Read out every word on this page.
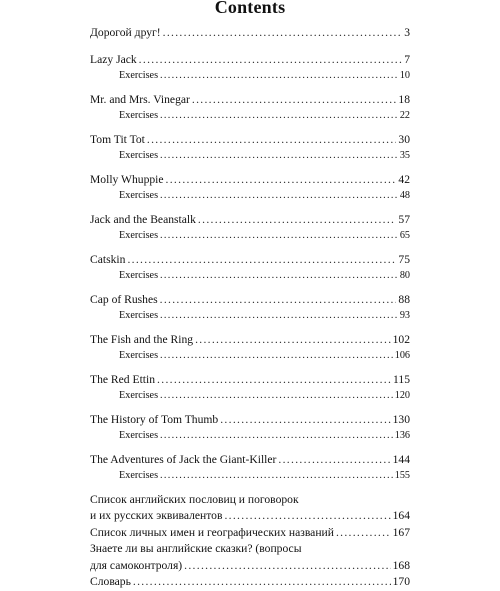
Contents
Дорогой друг! .....	3
Lazy Jack .....	7
Exercises .....	10
Mr. and Mrs. Vinegar .....	18
Exercises .....	22
Tom Tit Tot .....	30
Exercises .....	35
Molly Whuppie .....	42
Exercises .....	48
Jack and the Beanstalk .....	57
Exercises .....	65
Catskin .....	75
Exercises .....	80
Cap of Rushes .....	88
Exercises .....	93
The Fish and the Ring .....	102
Exercises .....	106
The Red Ettin .....	115
Exercises .....	120
The History of Tom Thumb .....	130
Exercises .....	136
The Adventures of Jack the Giant-Killer .....	144
Exercises .....	155
Список английских пословиц и поговорок
и их русских эквивалентов .....	164
Список личных имен и географических названий .....	167
Знаете ли вы английские сказки? (вопросы
для самоконтроля) .....	168
Словарь .....	170
